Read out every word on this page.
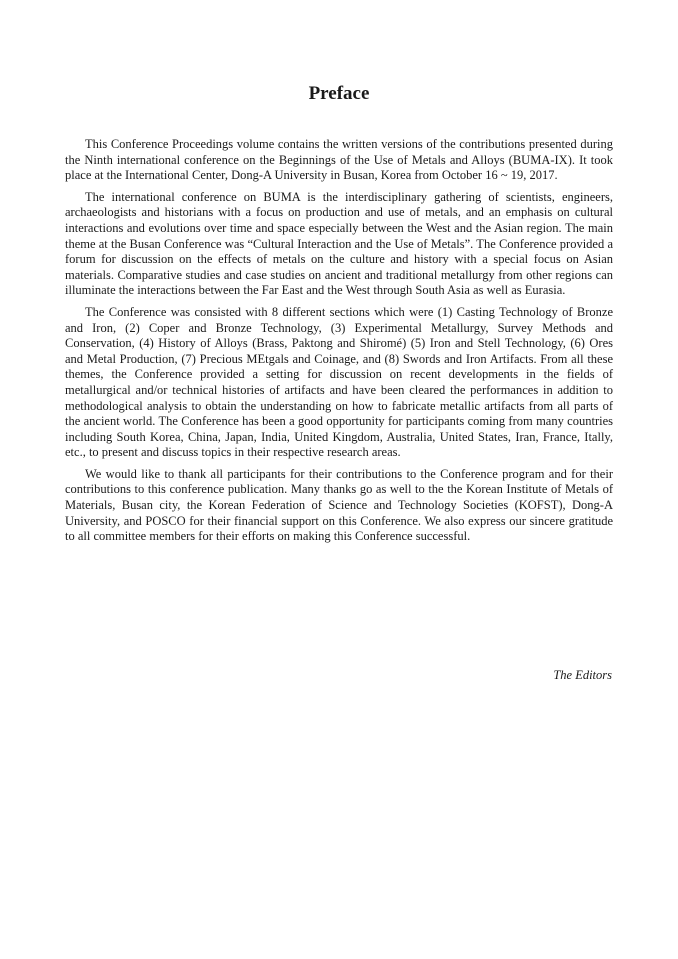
Preface

This Conference Proceedings volume contains the written versions of the contributions presented during the Ninth international conference on the Beginnings of the Use of Metals and Alloys (BUMA-IX). It took place at the International Center, Dong-A University in Busan, Korea from October 16 ~ 19, 2017.

The international conference on BUMA is the interdisciplinary gathering of scientists, engineers, archaeologists and historians with a focus on production and use of metals, and an emphasis on cultural interactions and evolutions over time and space especially between the West and the Asian region. The main theme at the Busan Conference was “Cultural Interaction and the Use of Metals”. The Conference provided a forum for discussion on the effects of metals on the culture and history with a special focus on Asian materials. Comparative studies and case studies on ancient and traditional metallurgy from other regions can illuminate the interactions between the Far East and the West through South Asia as well as Eurasia.

The Conference was consisted with 8 different sections which were (1) Casting Technology of Bronze and Iron, (2) Coper and Bronze Technology, (3) Experimental Metallurgy, Survey Methods and Conservation, (4) History of Alloys (Brass, Paktong and Shiromé) (5) Iron and Stell Technology, (6) Ores and Metal Production, (7) Precious MEtgals and Coinage, and (8) Swords and Iron Artifacts. From all these themes, the Conference provided a setting for discussion on recent developments in the fields of metallurgical and/or technical histories of artifacts and have been cleared the performances in addition to methodological analysis to obtain the understanding on how to fabricate metallic artifacts from all parts of the ancient world. The Conference has been a good opportunity for participants coming from many countries including South Korea, China, Japan, India, United Kingdom, Australia, United States, Iran, France, Itally, etc., to present and discuss topics in their respective research areas.

We would like to thank all participants for their contributions to the Conference program and for their contributions to this conference publication. Many thanks go as well to the the Korean Institute of Metals of Materials, Busan city, the Korean Federation of Science and Technology Societies (KOFST), Dong-A University, and POSCO for their financial support on this Conference. We also express our sincere gratitude to all committee members for their efforts on making this Conference successful.

The Editors
